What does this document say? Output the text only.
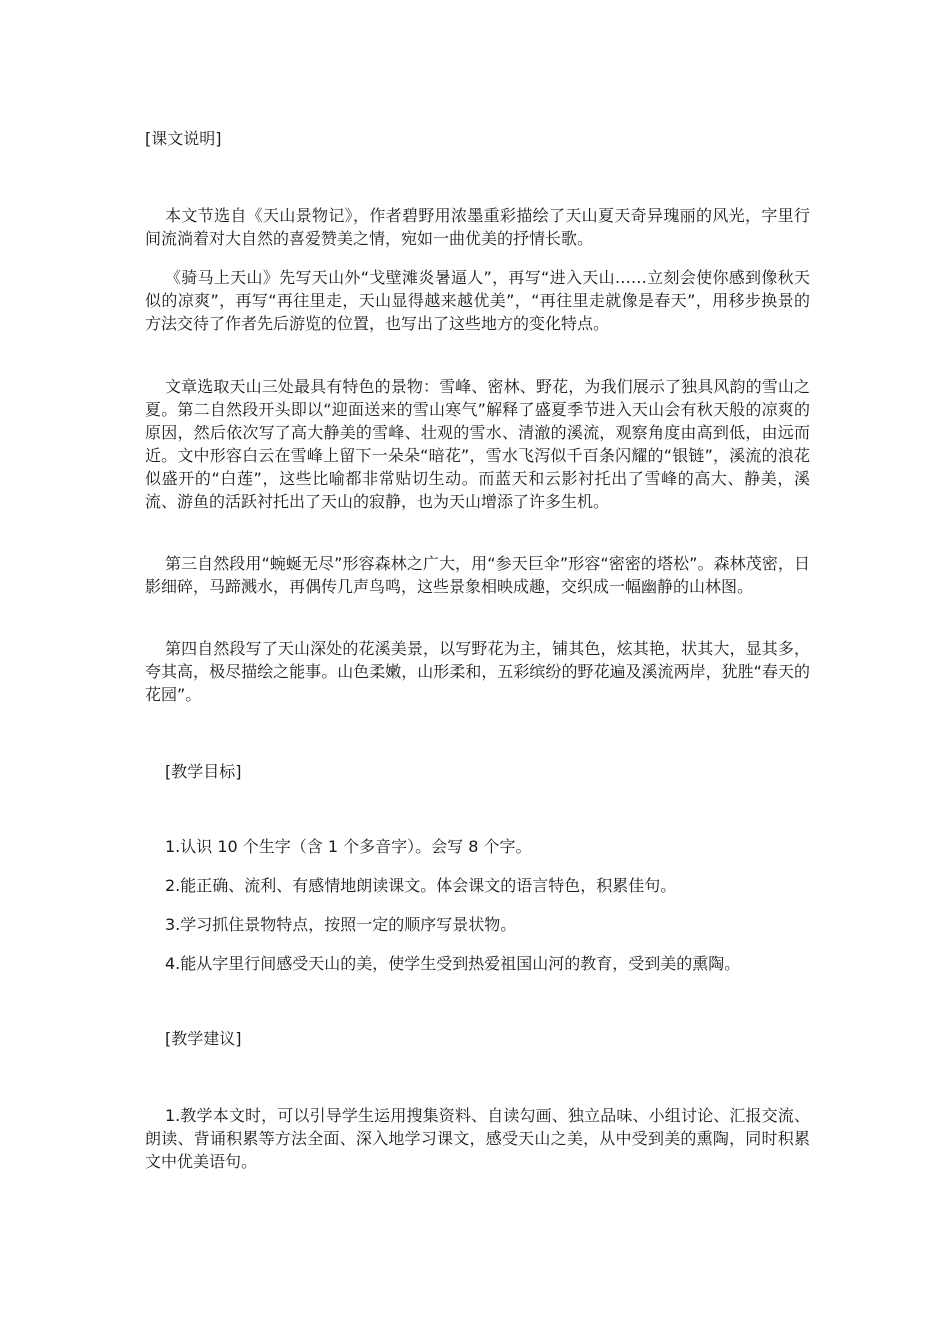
[课文说明]

本文节选自《天山景物记》，作者碧野用浓墨重彩描绘了天山夏天奇异瑰丽的风光，字里行间流淌着对大自然的喜爱赞美之情，宛如一曲优美的抒情长歌。

《骑马上天山》先写天山外“戈壁滩炎暑逼人”，再写“进入天山……立刻会使你感到像秋天似的凉爽”，再写“再往里走，天山显得越来越优美”，“再往里走就像是春天”，用移步换景的方法交待了作者先后游览的位置，也写出了这些地方的变化特点。

文章选取天山三处最具有特色的景物：雪峰、密林、野花，为我们展示了独具风韵的雪山之夏。第二自然段开头即以“迎面送来的雪山寒气”解释了盛夏季节进入天山会有秋天般的凉爽的原因，然后依次写了高大静美的雪峰、壮观的雪水、清澈的溪流，观察角度由高到低，由远而近。文中形容白云在雪峰上留下一朵朵“暗花”，雪水飞泻似千百条闪耀的“银链”，溪流的浪花似盛开的“白莲”，这些比喻都非常贴切生动。而蓝天和云影衬托出了雪峰的高大、静美，溪流、游鱼的活跃衬托出了天山的寂静，也为天山增添了许多生机。

第三自然段用“蜿蜒无尽”形容森林之广大，用“参天巨伞”形容“密密的塔松”。森林茂密，日影细碎，马蹄溅水，再偶传几声鸟鸣，这些景象相映成趣，交织成一幅幽静的山林图。

第四自然段写了天山深处的花溪美景，以写野花为主，铺其色，炫其艳，状其大，显其多，夸其高，极尽描绘之能事。山色柔嫩，山形柔和，五彩缤纷的野花遍及溪流两岸，犹胜“春天的花园”。

[教学目标]

1.认识 10 个生字（含 1 个多音字）。会写 8 个字。

2.能正确、流利、有感情地朗读课文。体会课文的语言特色，积累佳句。

3.学习抓住景物特点，按照一定的顺序写景状物。

4.能从字里行间感受天山的美，使学生受到热爱祖国山河的教育，受到美的熏陶。

[教学建议]

1.教学本文时，可以引导学生运用搜集资料、自读勾画、独立品味、小组讨论、汇报交流、朗读、背诵积累等方法全面、深入地学习课文，感受天山之美，从中受到美的熏陶，同时积累文中优美语句。
